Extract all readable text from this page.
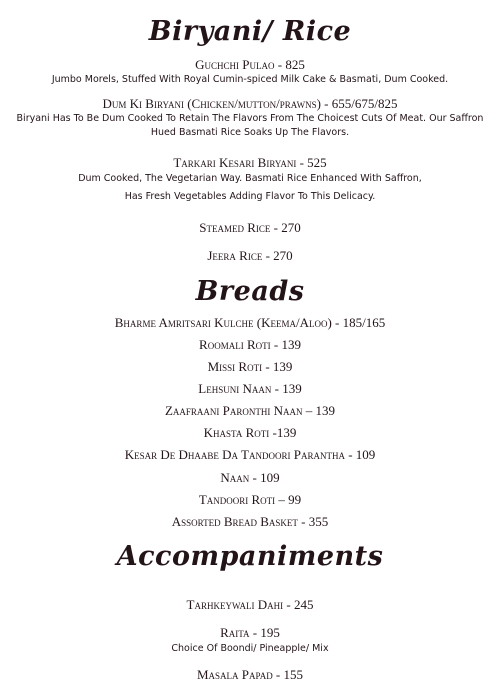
Biryani/ Rice
Guchchi Pulao - 825
Jumbo Morels, Stuffed With Royal Cumin-spiced Milk Cake & Basmati, Dum Cooked.
Dum Ki Biryani (Chicken/mutton/prawns) - 655/675/825
Biryani Has To Be Dum Cooked To Retain The Flavors From The Choicest Cuts Of Meat. Our Saffron
Hued Basmati Rice Soaks Up The Flavors.
Tarkari Kesari Biryani - 525
Dum Cooked, The Vegetarian Way. Basmati Rice Enhanced With Saffron,
Has Fresh Vegetables Adding Flavor To This Delicacy.
Steamed Rice - 270
Jeera Rice - 270
Breads
Bharme Amritsari Kulche (Keema/Aloo) - 185/165
Roomali Roti - 139
Missi Roti - 139
Lehsuni Naan - 139
Zaafraani Paronthi Naan – 139
Khasta Roti -139
Kesar De Dhaabe Da Tandoori Parantha - 109
Naan - 109
Tandoori Roti – 99
Assorted Bread Basket - 355
Accompaniments
Tarhkeywali Dahi - 245
Raita - 195
Choice Of Boondi/ Pineapple/ Mix
Masala Papad - 155
